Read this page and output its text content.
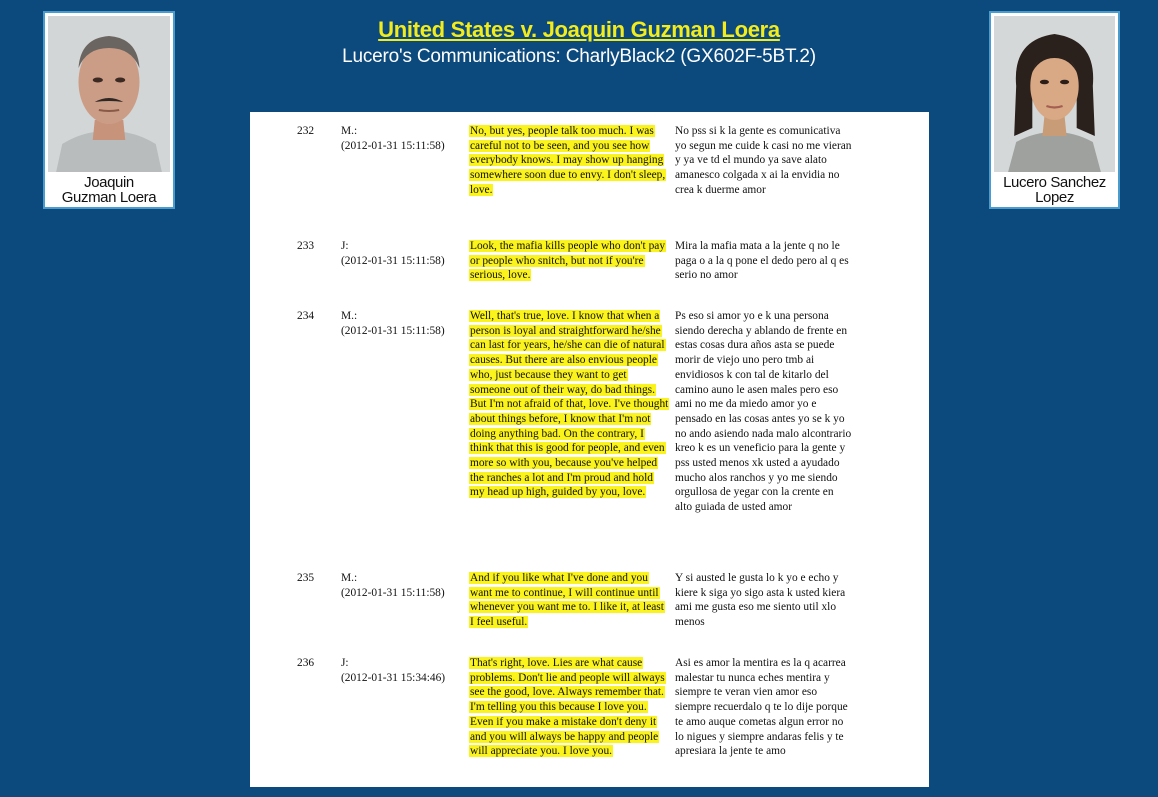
United States v. Joaquin Guzman Loera
Lucero's Communications: CharlyBlack2 (GX602F-5BT.2)
Joaquin
Guzman Loera
Lucero Sanchez
Lopez
232 M.:
(2012-01-31 15:11:58)
No, but yes, people talk too much. I was careful not to be seen, and you see how everybody knows. I may show up hanging somewhere soon due to envy. I don't sleep, love.
No pss si k la gente es comunicativa yo segun me cuide k casi no me vieran y ya ve td el mundo ya save alato amanesco colgada x ai la envidia no crea k duerme amor
233 J:
(2012-01-31 15:11:58)
Look, the mafia kills people who don't pay or people who snitch, but not if you're serious, love.
Mira la mafia mata a la jente q no le paga o a la q pone el dedo pero al q es serio no amor
234 M.:
(2012-01-31 15:11:58)
Well, that's true, love. I know that when a person is loyal and straightforward he/she can last for years, he/she can die of natural causes. But there are also envious people who, just because they want to get someone out of their way, do bad things. But I'm not afraid of that, love. I've thought about things before, I know that I'm not doing anything bad. On the contrary, I think that this is good for people, and even more so with you, because you've helped the ranches a lot and I'm proud and hold my head up high, guided by you, love.
Ps eso si amor yo e k una persona siendo derecha y ablando de frente en estas cosas dura años asta se puede morir de viejo uno pero tmb ai envidiosos k con tal de kitarlo del camino auno le asen males pero eso ami no me da miedo amor yo e pensado en las cosas antes yo se k yo no ando asiendo nada malo alcontrario kreo k es un veneficio para la gente y pss usted menos xk usted a ayudado mucho alos ranchos y yo me siendo orgullosa de yegar con la crente en alto guiada de usted amor
235 M.:
(2012-01-31 15:11:58)
And if you like what I've done and you want me to continue, I will continue until whenever you want me to. I like it, at least I feel useful.
Y si austed le gusta lo k yo e echo y kiere k siga yo sigo asta k usted kiera ami me gusta eso me siento util xlo menos
236 J:
(2012-01-31 15:34:46)
That's right, love. Lies are what cause problems. Don't lie and people will always see the good, love. Always remember that. I'm telling you this because I love you. Even if you make a mistake don't deny it and you will always be happy and people will appreciate you. I love you.
Asi es amor la mentira es la q acarrea malestar tu nunca eches mentira y siempre te veran vien amor eso siempre recuerdalo q te lo dije porque te amo auque cometas algun error no lo nigues y siempre andaras felis y te apresiara la jente te amo
